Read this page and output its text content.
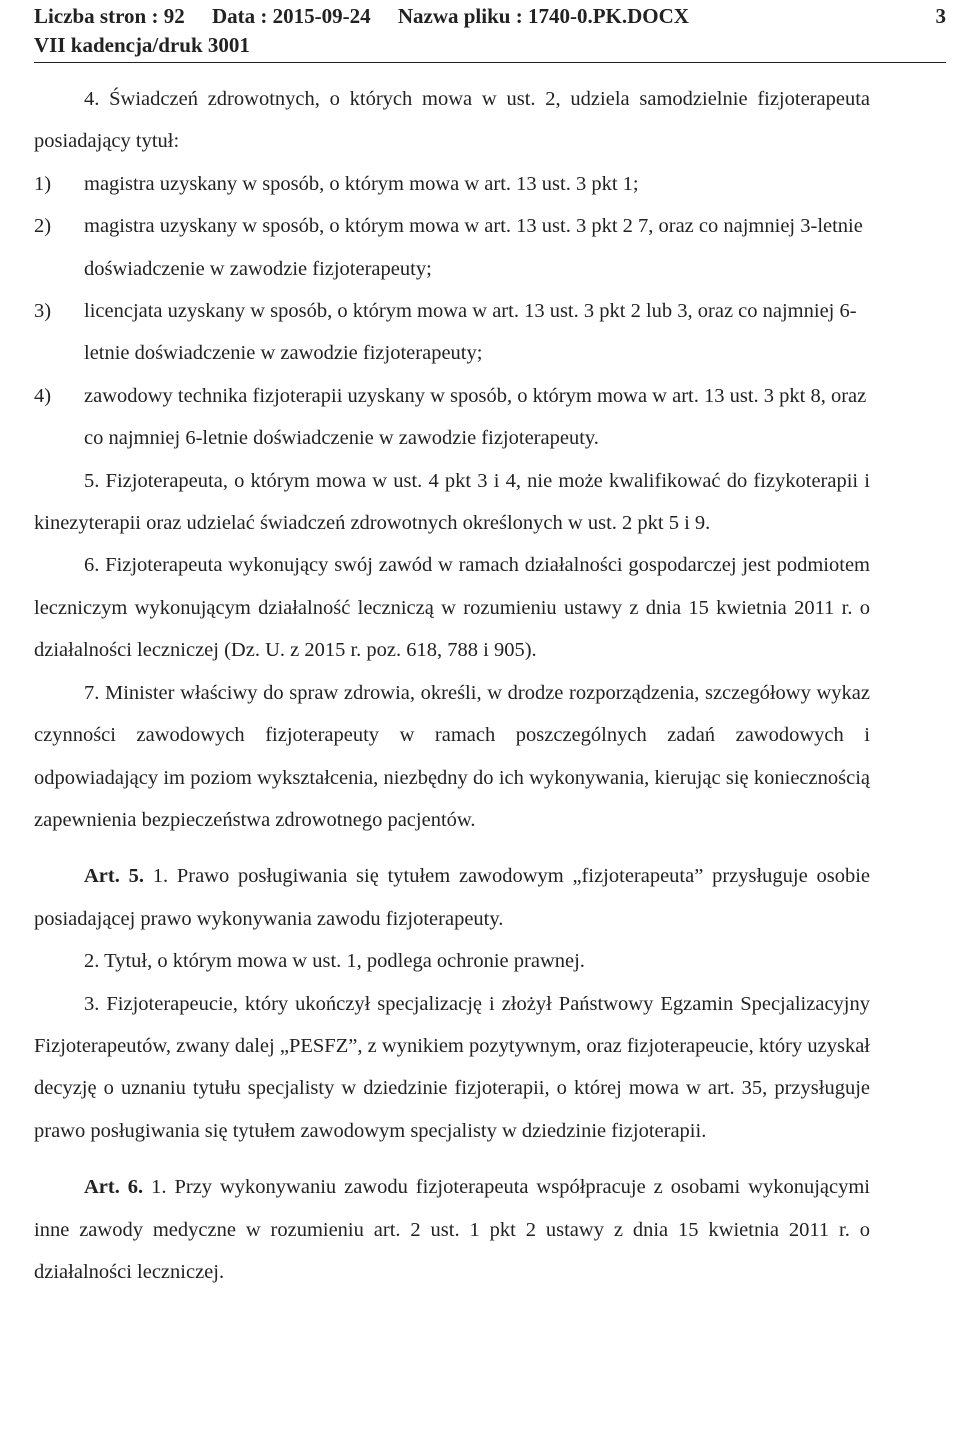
Liczba stron : 92 Data : 2015-09-24 Nazwa pliku : 1740-0.PK.DOCX	3
VII kadencja/druk 3001

4. Świadczeń zdrowotnych, o których mowa w ust. 2, udziela samodzielnie fizjoterapeuta posiadający tytuł:

1)	magistra uzyskany w sposób, o którym mowa w art. 13 ust. 3 pkt 1;
2)	magistra uzyskany w sposób, o którym mowa w art. 13 ust. 3 pkt 2 7, oraz co najmniej 3-letnie doświadczenie w zawodzie fizjoterapeuty;
3)	licencjata uzyskany w sposób, o którym mowa w art. 13 ust. 3 pkt 2 lub 3, oraz co najmniej 6-letnie doświadczenie w zawodzie fizjoterapeuty;
4)	zawodowy technika fizjoterapii uzyskany w sposób, o którym mowa w art. 13 ust. 3 pkt 8, oraz co najmniej 6-letnie doświadczenie w zawodzie fizjoterapeuty.

5. Fizjoterapeuta, o którym mowa w ust. 4 pkt 3 i 4, nie może kwalifikować do fizykoterapii i kinezyterapii oraz udzielać świadczeń zdrowotnych określonych w ust. 2 pkt 5 i 9.

6. Fizjoterapeuta wykonujący swój zawód w ramach działalności gospodarczej jest podmiotem leczniczym wykonującym działalność leczniczą w rozumieniu ustawy z dnia 15 kwietnia 2011 r. o działalności leczniczej (Dz. U. z 2015 r. poz. 618, 788 i 905).

7. Minister właściwy do spraw zdrowia, określi, w drodze rozporządzenia, szczegółowy wykaz czynności zawodowych fizjoterapeuty w ramach poszczególnych zadań zawodowych i odpowiadający im poziom wykształcenia, niezbędny do ich wykonywania, kierując się koniecznością zapewnienia bezpieczeństwa zdrowotnego pacjentów.

Art. 5. 1. Prawo posługiwania się tytułem zawodowym „fizjoterapeuta” przysługuje osobie posiadającej prawo wykonywania zawodu fizjoterapeuty.

2. Tytuł, o którym mowa w ust. 1, podlega ochronie prawnej.

3. Fizjoterapeucie, który ukończył specjalizację i złożył Państwowy Egzamin Specjalizacyjny Fizjoterapeutów, zwany dalej „PESFZ”, z wynikiem pozytywnym, oraz fizjoterapeucie, który uzyskał decyzję o uznaniu tytułu specjalisty w dziedzinie fizjoterapii, o której mowa w art. 35, przysługuje prawo posługiwania się tytułem zawodowym specjalisty w dziedzinie fizjoterapii.

Art. 6. 1. Przy wykonywaniu zawodu fizjoterapeuta współpracuje z osobami wykonującymi inne zawody medyczne w rozumieniu art. 2 ust. 1 pkt 2 ustawy z dnia 15 kwietnia 2011 r. o działalności leczniczej.
